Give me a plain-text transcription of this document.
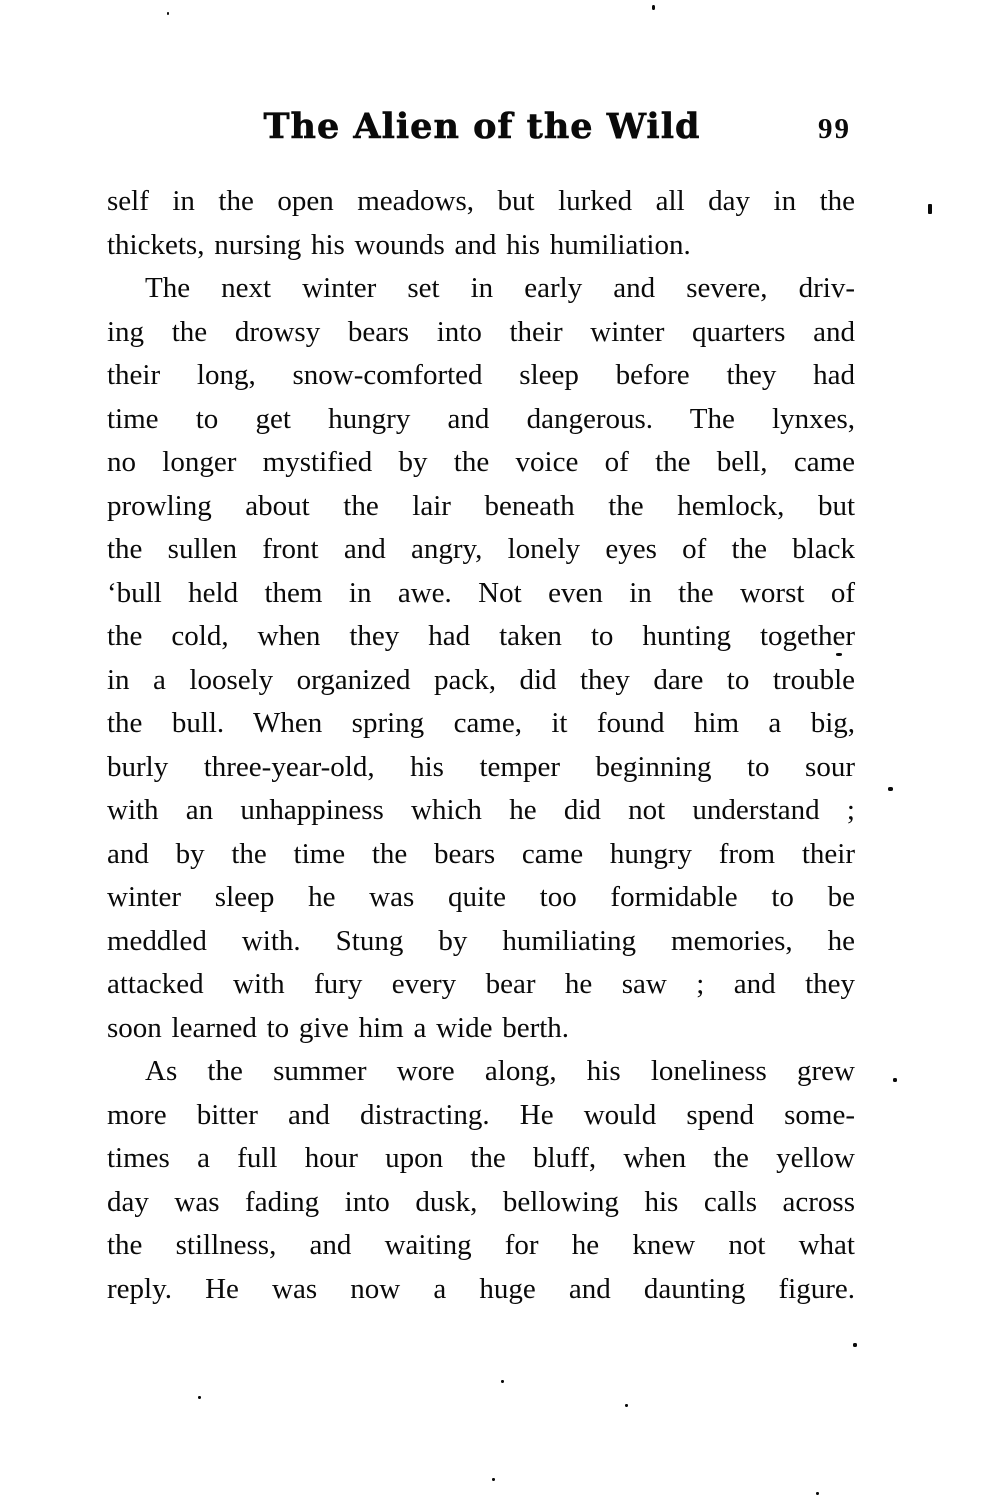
The Alien of the Wild	99
self in the open meadows, but lurked all day in the
thickets, nursing his wounds and his humiliation.
The next winter set in early and severe, driv-
ing the drowsy bears into their winter quarters and
their long, snow-comforted sleep before they had
time to get hungry and dangerous. The lynxes,
no longer mystified by the voice of the bell, came
prowling about the lair beneath the hemlock, but
the sullen front and angry, lonely eyes of the black
‘bull held them in awe. Not even in the worst of
the cold, when they had taken to hunting together
in a loosely organized pack, did they dare to trouble
the bull. When spring came, it found him a big,
burly three-year-old, his temper beginning to sour
with an unhappiness which he did not understand ;
and by the time the bears came hungry from their
winter sleep he was quite too formidable to be
meddled with. Stung by humiliating memories, he
attacked with fury every bear he saw ; and they
soon learned to give him a wide berth.
As the summer wore along, his loneliness grew
more bitter and distracting. He would spend some-
times a full hour upon the bluff, when the yellow
day was fading into dusk, bellowing his calls across
the stillness, and waiting for he knew not what
reply. He was now a huge and daunting figure.
